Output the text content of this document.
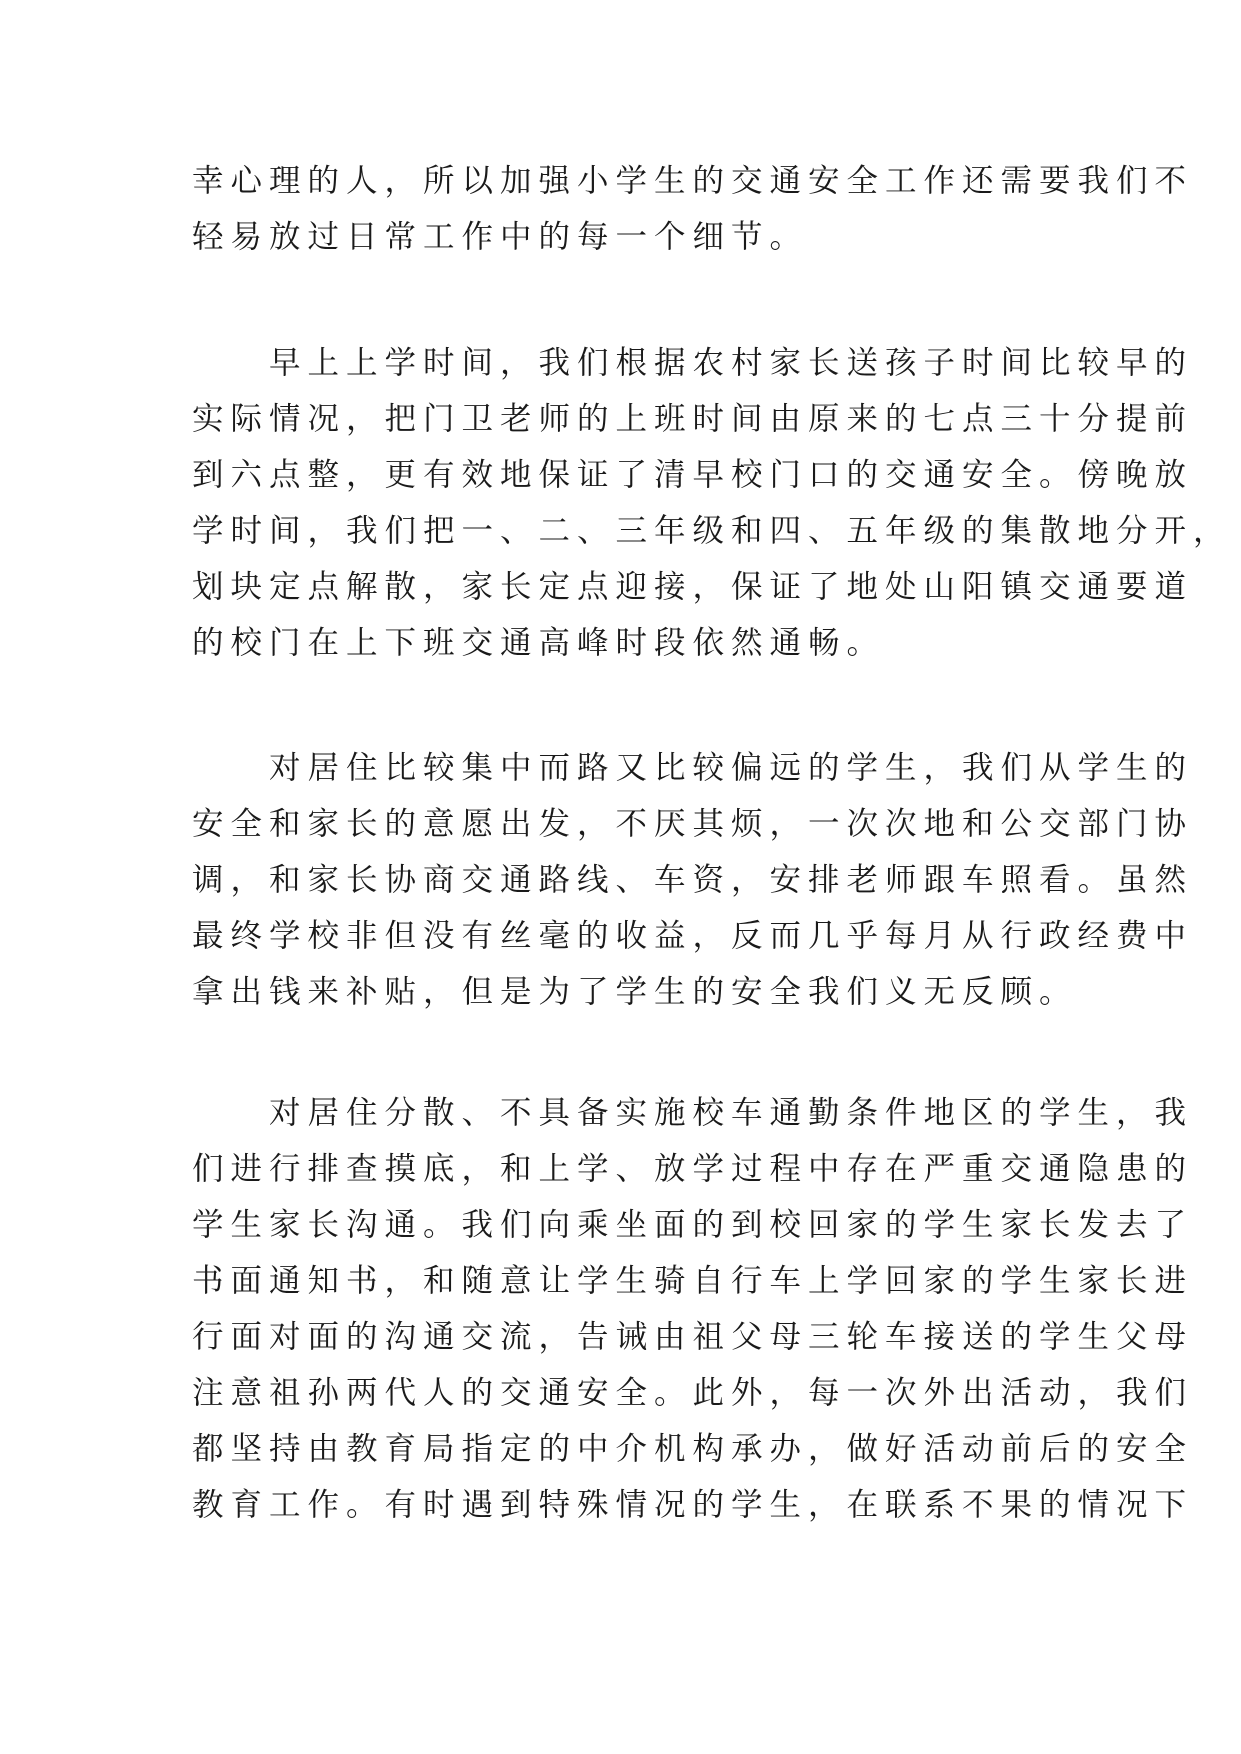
幸心理的人，所以加强小学生的交通安全工作还需要我们不
轻易放过日常工作中的每一个细节。
　　早上上学时间，我们根据农村家长送孩子时间比较早的
实际情况，把门卫老师的上班时间由原来的七点三十分提前
到六点整，更有效地保证了清早校门口的交通安全。傍晚放
学时间，我们把一、二、三年级和四、五年级的集散地分开，
划块定点解散，家长定点迎接，保证了地处山阳镇交通要道
的校门在上下班交通高峰时段依然通畅。
　　对居住比较集中而路又比较偏远的学生，我们从学生的
安全和家长的意愿出发，不厌其烦，一次次地和公交部门协
调，和家长协商交通路线、车资，安排老师跟车照看。虽然
最终学校非但没有丝毫的收益，反而几乎每月从行政经费中
拿出钱来补贴，但是为了学生的安全我们义无反顾。
　　对居住分散、不具备实施校车通勤条件地区的学生，我
们进行排查摸底，和上学、放学过程中存在严重交通隐患的
学生家长沟通。我们向乘坐面的到校回家的学生家长发去了
书面通知书，和随意让学生骑自行车上学回家的学生家长进
行面对面的沟通交流，告诫由祖父母三轮车接送的学生父母
注意祖孙两代人的交通安全。此外，每一次外出活动，我们
都坚持由教育局指定的中介机构承办，做好活动前后的安全
教育工作。有时遇到特殊情况的学生，在联系不果的情况下
